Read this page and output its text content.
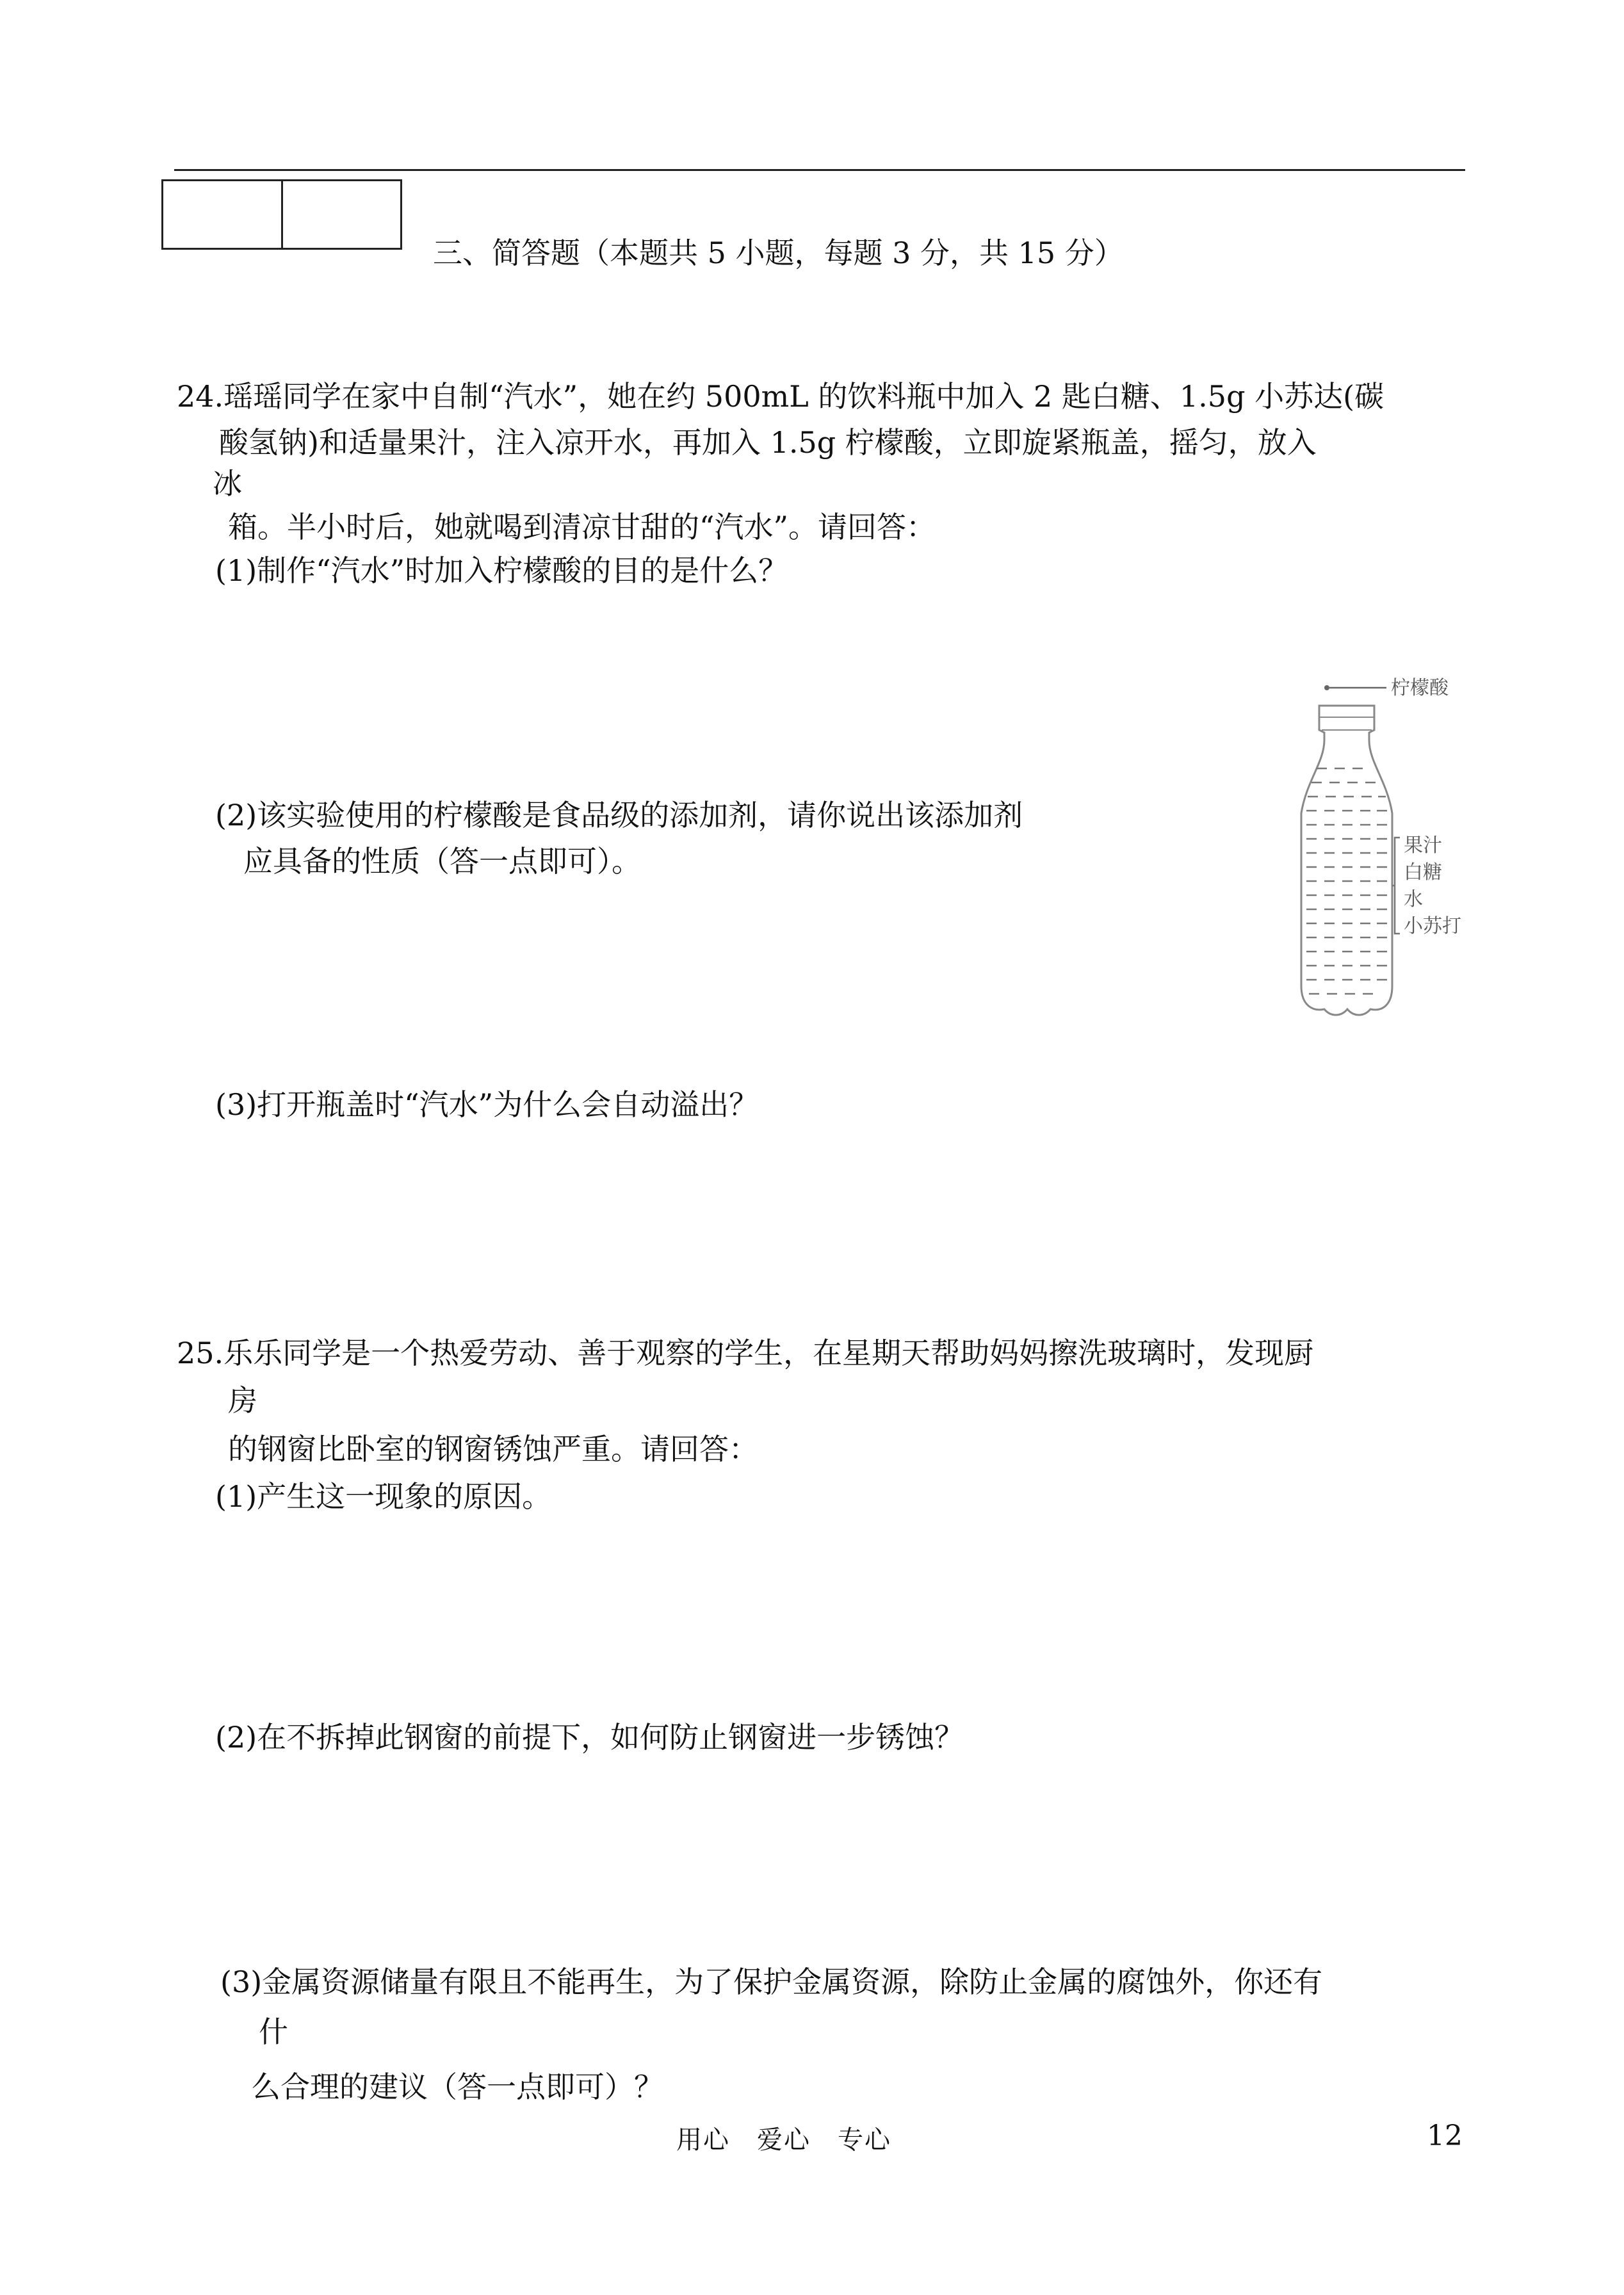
三、简答题（本题共 5 小题，每题 3 分，共 15 分）
24.瑶瑶同学在家中自制“汽水”，她在约 500mL 的饮料瓶中加入 2 匙白糖、1.5g 小苏达(碳
酸氢钠)和适量果汁，注入凉开水，再加入 1.5g 柠檬酸，立即旋紧瓶盖，摇匀，放入
冰
箱。半小时后，她就喝到清凉甘甜的“汽水”。请回答：
(1)制作“汽水”时加入柠檬酸的目的是什么？
(2)该实验使用的柠檬酸是食品级的添加剂，请你说出该添加剂
应具备的性质（答一点即可）。
(3)打开瓶盖时“汽水”为什么会自动溢出？
柠檬酸
果汁
白糖
水
小苏打
25.乐乐同学是一个热爱劳动、善于观察的学生，在星期天帮助妈妈擦洗玻璃时，发现厨
房
的钢窗比卧室的钢窗锈蚀严重。请回答：
(1)产生这一现象的原因。
(2)在不拆掉此钢窗的前提下，如何防止钢窗进一步锈蚀？
(3)金属资源储量有限且不能再生，为了保护金属资源，除防止金属的腐蚀外，你还有
什
么合理的建议（答一点即可）？
用心　爱心　专心	12
